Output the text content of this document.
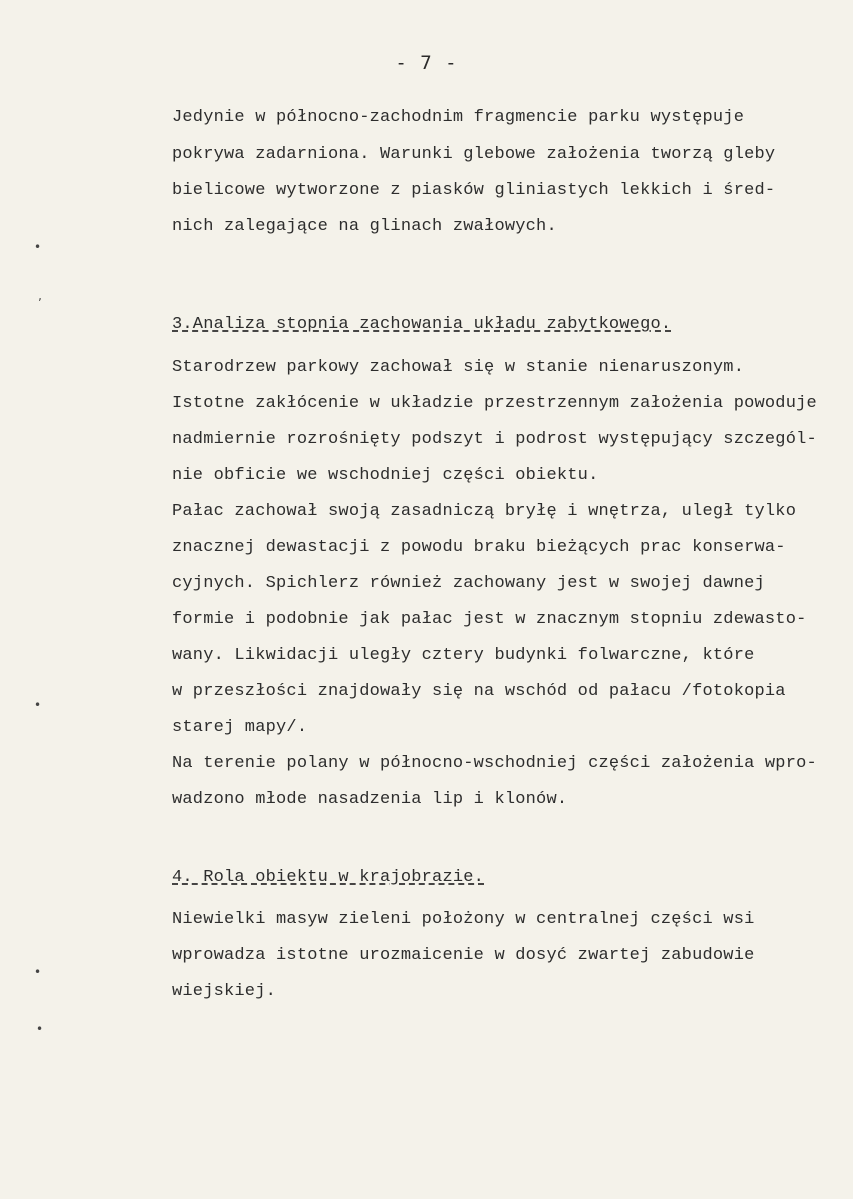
- 7 -
Jedynie w północno-zachodnim fragmencie parku występuje
pokrywa zadarniona. Warunki glebowe założenia tworzą gleby
bielicowe wytworzone z piasków gliniastych lekkich i śred-
nich zalegające na glinach zwałowych.
3.Analiza stopnia zachowania układu zabytkowego.
Starodrzew parkowy zachował się w stanie nienaruszonym.
Istotne zakłócenie w układzie przestrzennym założenia powoduje
nadmiernie rozrośnięty podszyt i podrost występujący szczegól-
nie obficie we wschodniej części obiektu.
Pałac zachował swoją zasadniczą bryłę i wnętrza, uległ tylko
znacznej dewastacji z powodu braku bieżących prac konserwa-
cyjnych. Spichlerz również zachowany jest w swojej dawnej
formie i podobnie jak pałac jest w znacznym stopniu zdewasto-
wany. Likwidacji uległy cztery budynki folwarczne, które
w przeszłości znajdowały się na wschód od pałacu /fotokopia
starej mapy/.
Na terenie polany w północno-wschodniej części założenia wpro-
wadzono młode nasadzenia lip i klonów.
4. Rola obiektu w krajobrazie.
Niewielki masyw zieleni położony w centralnej części wsi
wprowadza istotne urozmaicenie w dosyć zwartej zabudowie
wiejskiej.
•
ʼ
•
•
•
